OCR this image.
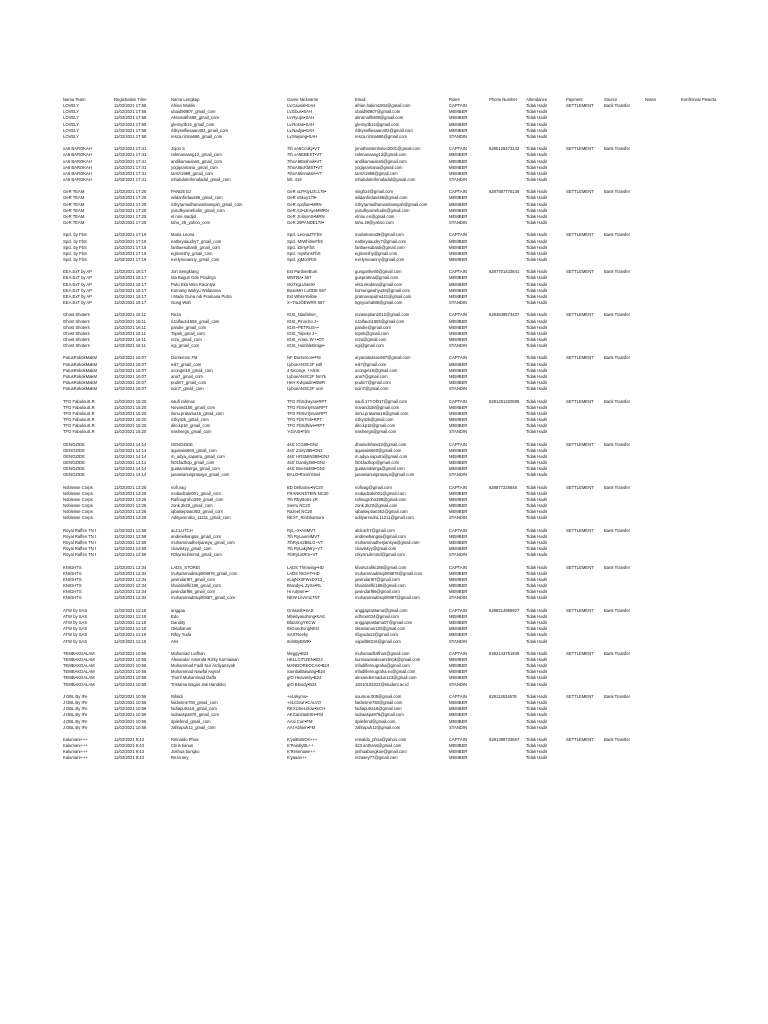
Nama Team	Registration Time	Nama Lengkap	Game Nickname	Email	Roles	Phone Number	Attendance	Payment	Source	Notes	Konfirmasi Peserta
LOVELY	11/02/2021 17:58	Afrian Muklis	Lv.Causal•SAH	afrian.hakim1804@gmail.com	CAPTAIN		Tidak Hadir	SETTLEMENT	Bank Transfer		
LOVELY	11/02/2021 17:58	ubaid90907_gmail_com	Lv.Ebus•SAH	ubaid90907@gmail.com	MEMBER		Tidak Hadir				
LOVELY	11/02/2021 17:58	Akramallhs89_gmail_com	Lv.Ryujin•SAH	akramallhs89@gmail.com	MEMBER		Tidak Hadir				
LOVELY	11/02/2021 17:58	glenrydb14_gmail_com	Lv.Rosse•SAH	glenrydb14@gmail.com	MEMBER		Tidak Hadir				
LOVELY	11/02/2021 17:58	riskyselfiesaan402_gmail_com	Lv.Nadya•SAH	riskyselfiesaan402@gmail.com	MEMBER		Tidak Hadir				
LOVELY	11/02/2021 17:58	resca.rizma666_gmail_com	Lv.Mayang•SAH	resca.rizma666@gmail.com	STANDIN		Tidak Hadir				

xA6 BAROKAH	11/02/2021 17:41	Jojon S	7th xA6Cmiky•VT	jonathansimbolon2001@gmail.com	CAPTAIN	6285126473142	Tidak Hadir	SETTLEMENT	Bank Transfer		
xA6 BAROKAH	11/02/2021 17:41	rahmanaang12_gmail_com	7th xA6EBEST•VT	rahmanaang12@gmail.com	MEMBER		Tidak Hadir				
xA6 BAROKAH	11/02/2021 17:41	andikamaulan5_gmail_com	7thxA6Boshnik•VT	andikamaulan5@gmail.com	MEMBER		Tidak Hadir				
xA6 BAROKAH	11/02/2021 17:41	yogipramana_gmail_com	7thxA6ticKMST•VT	yogipramana@gmail.com	MEMBER		Tidak Hadir				
xA6 BAROKAH	11/02/2021 17:41	tamzi1998_gmail_com	7thxA6tinnaMA•VT	tamzi1998@gmail.com	MEMBER		Tidak Hadir				
xA6 BAROKAH	11/02/2021 17:41	mhabdulrohmafadal_gmail_com	lolt. 416	mhabdulrohmafadal@gmail.com	STANDIN		Tidak Hadir				

GeR TEAM	11/02/2021 17:25	PANDE Ez	GeR xLPAtyLOL179•	singh24@gmail.com	CAPTAIN	6287887776138	Tidak Hadir	SETTLEMENT	Bank Transfer		
GeR TEAM	11/02/2021 17:25	wildanfirdaus86_gmail_com	GeR xSkuy179•	wildanfirdaus86@gmail.com	MEMBER		Tidak Hadir				
GeR TEAM	11/02/2021 17:25	rizkyramadhaniardiansyah_gmail_com	GeR Apollon•MRN	rizkyramadhaniardiansyah@gmail.com	MEMBER		Tidak Hadir				
GeR TEAM	11/02/2021 17:25	yusufkyainefudin_gmail_com	GeR AS•LEAyeMMRN	yusufkyainefudin@gmail.com	MEMBER		Tidak Hadir				
GeR TEAM	11/02/2021 17:25	el.noe.madjid	GeR Jr.sanAS•MRN	elnoe.en@gmail.com	MEMBER		Tidak Hadir				
GeR TEAM	11/02/2021 17:25	tahu_29_yahoo_com	GeR 29PANDE179•	tahu.29@yahoo.com	STANDIN		Tidak Hadir				

Spcl. by FbS	11/02/2021 17:19	Maria Leona	Spcl. LeonaZTFbS	marialeona39@gmail.com	CAPTAIN		Tidak Hadir	SETTLEMENT	Bank Transfer		
Spcl. by FbS	11/02/2021 17:19	natheyaaudry7_gmail_com	Spcl. MrWhitneFbS	natheyaaudry7@gmail.com	MEMBER		Tidak Hadir				
Spcl. by FbS	11/02/2021 17:19	fantiaesubardi_gmail_com	Spcl. iDirtyFbS	fantiaesubardi@gmail.com	MEMBER		Tidak Hadir				
Spcl. by FbS	11/02/2021 17:19	egisonshy_gmail_com	Spcl. myshinsFbS	egisonshy@gmail.com	MEMBER		Tidak Hadir				
Spcl. by FbS	11/02/2021 17:19	evelyneaanny_gmail_com	Spcl. jqMoriFbS	evelyneaanny@gmail.com	MEMBER		Tidak Hadir				

EEA.ExT by AP	11/02/2021 16:17	Jon Sengklang	Ext PanbeeBum	gunganhe00@gmail.com	CAPTAIN	6287701433841	Tidak Hadir	SETTLEMENT	Bank Transfer		
EEA.ExT by AP	11/02/2021 16:17	Ida Bagus Gde Pradnya	MNTRA• 567	guspratma@gmail.com	MEMBER		Tidak Hadir				
EEA.ExT by AP	11/02/2021 16:17	Putu Eka Wira Racintya	nKi7xgLubenk•	ekta.ekabina@gmail.com	MEMBER		Tidak Hadir				
EEA.ExT by AP	11/02/2021 16:17	Komang Wahyu Widatama	BoxeMH LuODE 567	komangwahyu26@gmail.com	MEMBER		Tidak Hadir				
EEA.ExT by AP	11/02/2021 16:17	I Made Guna Adi Pramana Putra	Ext WhiteYellow	pramanaputra441@gmail.com	MEMBER		Tidak Hadir				
EEA.ExT by AP	11/02/2021 16:17	Gung Wah	X~TraJOEWRR 567	bgnyuxhat88@gmail.com	STANDIN		Tidak Hadir				

Ghost Shoters	11/02/2021 16:11	Reza	IGSt_Naufalner_	rezaseptian2012@gmail.com	CAPTAIN	6283849574437	Tidak Hadir	SETTLEMENT	Bank Transfer		
Ghost Shoters	11/02/2021 16:11	rizalfauzi1555_gmail_com	IGSt_Pinocho J~	rizalfauzi1555@gmail.com	MEMBER		Tidak Hadir				
Ghost Shoters	11/02/2021 16:11	pandie_gmail_com	IGSt~PETRUS+•	pandie@gmail.com	MEMBER		Tidak Hadir				
Ghost Shoters	11/02/2021 16:11	Topek_gmail_com	IGSt_Topekx J~	topek@gmail.com	MEMBER		Tidak Hadir				
Ghost Shoters	11/02/2021 16:11	reza_gmail_com	IGSt_AmeL W'+•OT	reza@gmail.com	MEMBER		Tidak Hadir				
Ghost Shoters	11/02/2021 16:11	irgi_gmail_com	IGSt_HumbleBrage•	irgi@gmail.com	STANDIN		Tidak Hadir				

PutusRokokMakM	11/02/2021 16:07	Dorsemon FM	NF Dorsemon•FM	aryanatessa1987@gmail.com	CAPTAIN		Tidak Hadir	SETTLEMENT	Bank Transfer		
PutusRokokMakM	11/02/2021 16:07	esl7_gmail_com	LyboeANSCzF esll	esl7@gmail.com	MEMBER		Tidak Hadir				
PutusRokokMakM	11/02/2021 16:07	xcongel16_gmail_com	4 Nicong•, +ANIS	xcongel16@gmail.com	MEMBER		Tidak Hadir				
PutusRokokMakM	11/02/2021 16:07	ana7_gmail_com	LyboeANSCzF hm7k	ana7@gmail.com	MEMBER		Tidak Hadir				
PutusRokokMakM	11/02/2021 16:07	pudin7_gmail_com	HeH Kvkpadin•BWR	pudin7@gmail.com	MEMBER		Tidak Hadir				
PutusRokokMakM	11/02/2021 16:07	ucin7_gmail_com	LyboeANSCzF ucin	ucin7@gmail.com	STANDIN		Tidak Hadir				

TFG FabulouS.R	11/02/2021 15:20	saufi rahman	TFG FbSdrayan•RPT	saufi.17YOl017@gmail.com	CAPTAIN	6281251320595	Tidak Hadir	SETTLEMENT	Bank Transfer		
TFG FabulouS.R	11/02/2021 15:20	Novand158_gmail_com	TFG FbSvrtyrsanRPT	novand158@gmail.com	MEMBER		Tidak Hadir				
TFG FabulouS.R	11/02/2021 15:20	ilonu.pratama16_gmail_com	TFG FbSvrtyrsanRPT	ilonu.pratama16@gmail.com	MEMBER		Tidak Hadir				
TFG FabulouS.R	11/02/2021 15:20	rizkyrizk_gmail_com	TFG FbS7rck•RPT	rizkyrizk@gmail.com	MEMBER		Tidak Hadir				
TFG FabulouS.R	11/02/2021 15:20	dilo.kp16_gmail_com	TFG FbSdNive•RPT	dilo.kp16@gmail.com	MEMBER		Tidak Hadir				
TFG FabulouS.R	11/02/2021 15:20	naslmegs_gmail_com	'AGAIS•FbS	naslmegs@gmail.com	STANDIN		Tidak Hadir				

GENOZIDE	11/02/2021 14:14	GENOZIDE	4sSʹ ICG89•GNz	dhanielshow12@gmail.com	CAPTAIN		Tidak Hadir	SETTLEMENT	Bank Transfer		
GENOZIDE	11/02/2021 14:14	aguswiw660_gmail_com	4sSʹ Zoey389•GNz	aguswiw660@gmail.com	MEMBER		Tidak Hadir				
GENOZIDE	11/02/2021 14:14	m_adya_saputra_gmail_com	4sSʹ HRSMiN389•GNz	m.adya.saputra@gmail.com	MEMBER		Tidak Hadir				
GENOZIDE	11/02/2021 14:14	fs01fadhop_gmail_com	4sSʹ Dandy389•GNz	fs01fadhop@gmail.com	MEMBER		Tidak Hadir				
GENOZIDE	11/02/2021 14:14	guatamdwirga_gmail_com	4sSʹ Bnesa389•GNz	guatamdwirga@gmail.com	MEMBER		Tidak Hadir				
GENOZIDE	11/02/2021 14:14	juanwianusprasaya_gmail_com	BALO•RoverSteel	juanwianusprasaya@gmail.com	STANDIN		Tidak Hadir				

Noblesse Corps	11/02/2021 13:26	nofi.vag	BD Deltaone•NC20	nofivag@gmail.com	CAPTAIN	628877225648	Tidak Hadir	SETTLEMENT	Bank Transfer		
Noblesse Corps	11/02/2021 13:26	mobadzaki001_gmail_com	FRANKNSTEIN NC20	mobadzaki001@gmail.com	MEMBER		Tidak Hadir				
Noblesse Corps	11/02/2021 13:26	Rafinugroho299_gmail_com	7th RbyBoSs xR	rafinugroho299@gmail.com	MEMBER		Tidak Hadir				
Noblesse Corps	11/02/2021 13:26	zonk.2k20_gmail_com	Sierru NC20	zonk.2k20@gmail.com	MEMBER		Tidak Hadir				
Noblesse Corps	11/02/2021 13:26	iqbalseptian362_gmail_com	Razeef NC20	iqbalseptian362@gmail.com	MEMBER		Tidak Hadir				
Noblesse Corps	11/02/2021 13:26	Adityarendra_11211_gmail_com	NEXT_RinOkamura	adityarendra.11211@gmail.com	STANDIN		Tidak Hadir				

Royal Raffen TN t	11/02/2021 12:58	aLCLUTCH	RyL~X•ASMVT	alclutch7@gmail.com	CAPTAIN		Tidak Hadir	SETTLEMENT	Bank Transfer		
Royal Raffen TN t	11/02/2021 12:58	andrewbangsa_gmail_com	7th RyLaurelMVT	andrewbangsa@gmail.com	MEMBER		Tidak Hadir				
Royal Raffen TN t	11/02/2021 12:58	muhammadherjiansya_gmail_com	7thRyLs2B6LG~VT	muhammadherjiansya@gmail.com	MEMBER		Tidak Hadir				
Royal Raffen TN t	11/02/2021 12:58	ckaviskyy_gmail_com	7th RyLakyMry~VT	ckaviskyy@gmail.com	MEMBER		Tidak Hadir				
Royal Raffen TN t	11/02/2021 12:58	Rzkyrmuhmmd_gmail_com	7thRyLstRm~VT	rzkyrmuhmmd@gmail.com	STANDIN		Tidak Hadir				

KNIGHTS	11/02/2021 12:34	LADS_STOREt	LADS Throwing•HD	khairuzafiki186@gmail.com	CAPTAIN		Tidak Hadir	SETTLEMENT	Bank Transfer		
KNIGHTS	11/02/2021 12:34	muhammadrisqi008876_gmail_com	LADS NIGHT•HD	muhammadrisqi008876@gmail.com	MEMBER		Tidak Hadir				
KNIGHTS	11/02/2021 12:34	juwindart97_gmail_com	eLajNX3FWxDX13_	juwindart97@gmail.com	MEMBER		Tidak Hadir				
KNIGHTS	11/02/2021 12:34	khairdarifki186_gmail_com	Brandy•L ZyXe•RL	khairdarifki186@gmail.com	MEMBER		Tidak Hadir				
KNIGHTS	11/02/2021 12:34	juwindarf96_gmail_com	Hi rutywm••	juwindarf96@gmail.com	MEMBER		Tidak Hadir				
KNIGHTS	11/02/2021 12:34	muhammadrisqi00887_gmail_com	NEW LevVn17NT	muhammadrisqi00887@gmail.com	STANDIN		Tidak Hadir				

ATW by SAS	11/02/2021 11:18	anggaa	Grissed0•SAS	anggaprastama@gmail.com	CAPTAIN	6288214969927	Tidak Hadir	SETTLEMENT	Bank Transfer		
ATW by SAS	11/02/2021 11:18	Edo	Mbedyandrong•SAS	edhoxs024@gmail.com	MEMBER		Tidak Hadir				
ATW by SAS	11/02/2021 11:18	Dandity	BlazzingYKCW	anggaprastama07@gmail.com	MEMBER		Tidak Hadir				
ATW by SAS	11/02/2021 11:18	Oktafianus	ItsGondrongNEO	oktavianus120@gmail.com	MEMBER		Tidak Hadir				
ATW by SAS	11/02/2021 11:18	Rifqy Yuda	SAS'Reeky	rifqyuda12@gmail.com	MEMBER		Tidak Hadir				
ATW by SAS	11/02/2021 11:18	Aris	ItersByBWR•	vapell68216@gmail.com	STANDIN		Tidak Hadir				

TEMBAKDALAM	11/02/2021 10:58	Muhamad Lutfhan	Meggy•B24	muhamadlutfhan@gmail.com	CAPTAIN	6282143751839	Tidak Hadir	SETTLEMENT	Bank Transfer		
TEMBAKDALAM	11/02/2021 10:58	Alexander Arsenda Rizky Kurniawan	HELLCITIZEN•B24	kurniawanalexanderpk@gmail.com	MEMBER		Tidak Hadir				
TEMBAKDALAM	11/02/2021 10:58	Muhammad Fadil Nur Ardiyansyah	MANDORKOCAK•B24	mfadilfernugraha@gmail.com	MEMBER		Tidak Hadir				
TEMBAKDALAM	11/02/2021 10:58	Muhammad Nawfal Asyraf	SambalBawang•B24	mfadilfernugraha.ex@gmail.com	MEMBER		Tidak Hadir				
TEMBAKDALAM	11/02/2021 10:58	Thorif Muhammad Daffa	gIO Heavenly•B24	alexandermadun123@gmail.com	MEMBER		Tidak Hadir				
TEMBAKDALAM	11/02/2021 10:58	Tristama Bagus Jati Handoko	gIO Bloody•B24	18410103222@student.ac.id	STANDIN		Tidak Hadir				

J DBL By IFe	11/02/2021 10:56	Rifaldi	+eLskymo•	soumoe.005@gmail.com	CAPTAIN	628112634678	Tidak Hadir	SETTLEMENT	Bank Transfer		
J DBL By IFe	11/02/2021 10:56	faldosme750_gmail_com	+eLClown•CALVO	faldosme750@gmail.com	MEMBER		Tidak Hadir				
J DBL By IFe	11/02/2021 10:56	fadiaputra16_gmail_com	REXUSeLelow•SCH	fadiaputra16@gmail.com	MEMBER		Tidak Hadir				
J DBL By IFe	11/02/2021 10:56	indraaspa976_gmail_com	AKGansta6ISH•FM	indraaspa976@gmail.com	MEMBER		Tidak Hadir				
J DBL By IFe	11/02/2021 10:56	dpilefend_gmail_com	AAsi Curr•FM	dpilefend@gmail.com	MEMBER		Tidak Hadir				
J DBL By IFe	11/02/2021 10:56	zafirapuh12_gmail_com	AAI Abhien•FM	zafirapuh12@gmail.com	STANDIN		Tidak Hadir				

Kalumani+++	11/02/2021 9:43	Reinaldo Phoa	K'yaiBotsOri+++	reinaldo_phoa@yahoo.com	CAPTAIN	6281398733667	Tidak Hadir	SETTLEMENT	Bank Transfer		
Kalumani+++	11/02/2021 9:43	Chris tianus	K'PainbyBL++	d23.anthans@gmail.com	MEMBER		Tidak Hadir				
Kalumani+++	11/02/2021 9:43	Joshua bungko	K'Revenawe++	joshuabungkoe@gmail.com	MEMBER		Tidak Hadir				
Kalumani+++	11/02/2021 9:43	Reza sey	K'yaaan++	rezasey77@gmail.com	MEMBER		Tidak Hadir				
